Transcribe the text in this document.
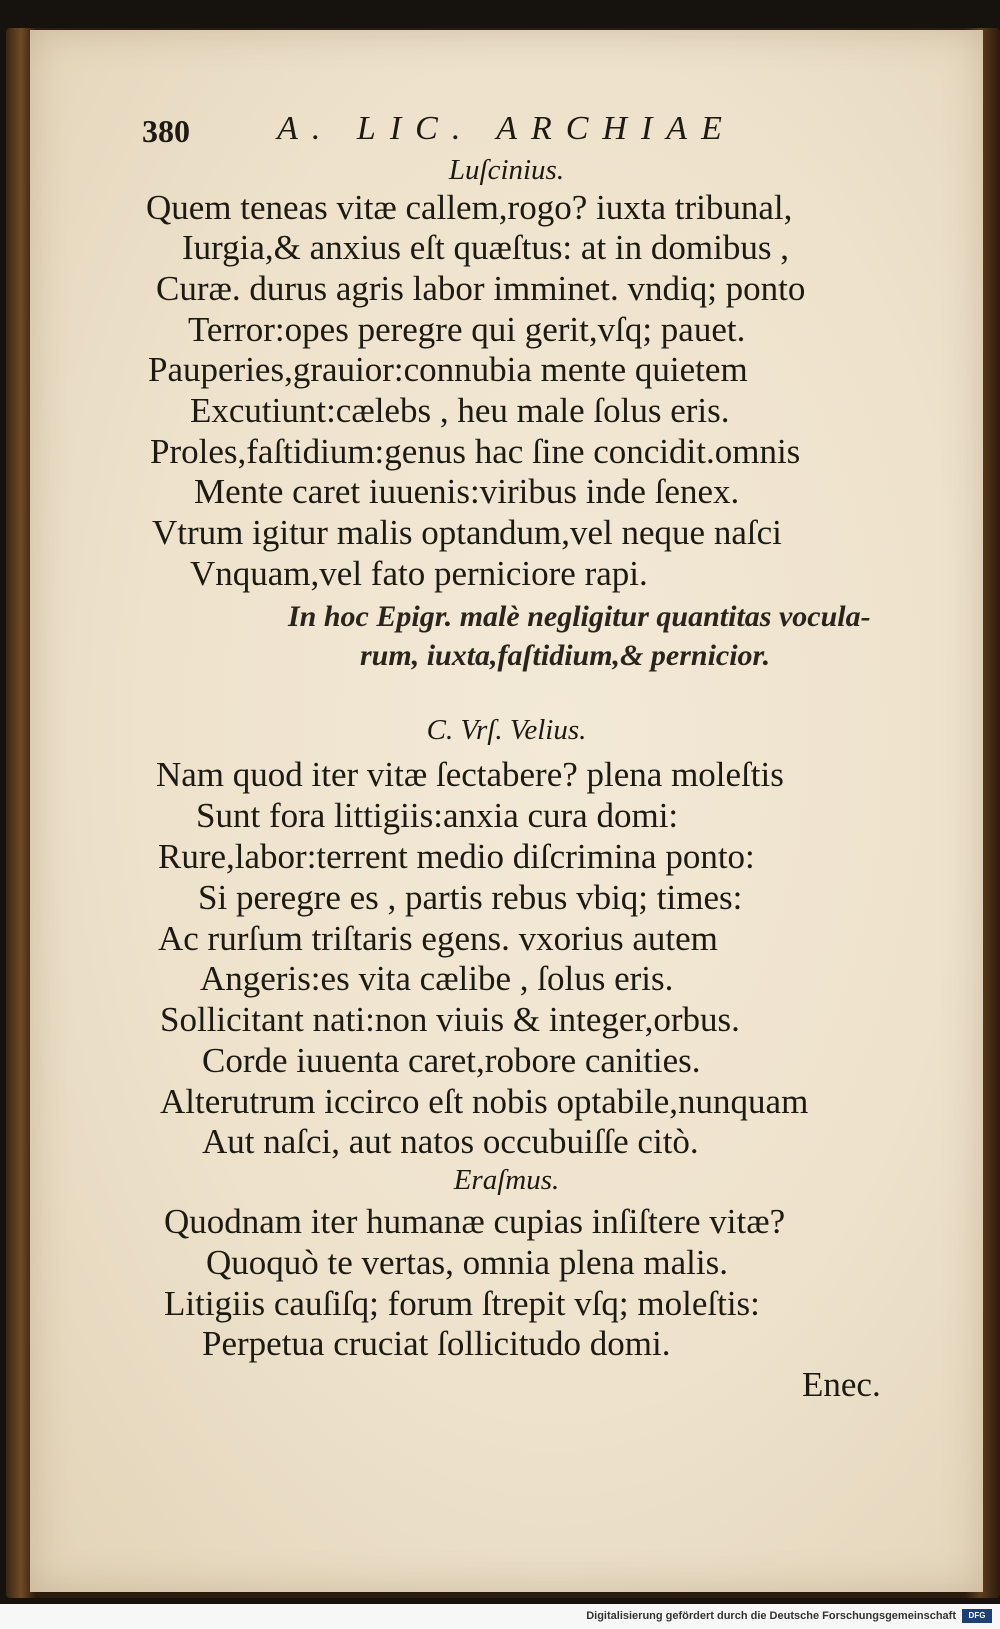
380	A. LIC. ARCHIAE
Luſcinius.
Quem teneas vitæ callem,rogo? iuxta tribunal,
Iurgia,& anxius eſt quæſtus: at in domibus ,
Curæ. durus agris labor imminet. vndiq; ponto
Terror:opes peregre qui gerit,vſq; pauet.
Pauperies,grauior:connubia mente quietem
Excutiunt:cælebs , heu male ſolus eris.
Proles,faſtidium:genus hac ſine concidit.omnis
Mente caret iuuenis:viribus inde ſenex.
Vtrum igitur malis optandum,vel neque naſci
Vnquam,vel fato perniciore rapi.
In hoc Epigr. malè negligitur quantitas vocula-
rum, iuxta,faſtidium,& pernicior.
C. Vrſ. Velius.
Nam quod iter vitæ ſectabere? plena moleſtis
Sunt fora littigiis:anxia cura domi:
Rure,labor:terrent medio diſcrimina ponto:
Si peregre es , partis rebus vbiq; times:
Ac rurſum triſtaris egens. vxorius autem
Angeris:es vita cælibe , ſolus eris.
Sollicitant nati:non viuis & integer,orbus.
Corde iuuenta caret,robore canities.
Alterutrum iccirco eſt nobis optabile,nunquam
Aut naſci, aut natos occubuiſſe citò.
Eraſmus.
Quodnam iter humanæ cupias inſiſtere vitæ?
Quoquò te vertas, omnia plena malis.
Litigiis cauſiſq; forum ſtrepit vſq; moleſtis:
Perpetua cruciat ſollicitudo domi.
Enec.
Digitalisierung gefördert durch die Deutsche Forschungsgemeinschaft	DFG
